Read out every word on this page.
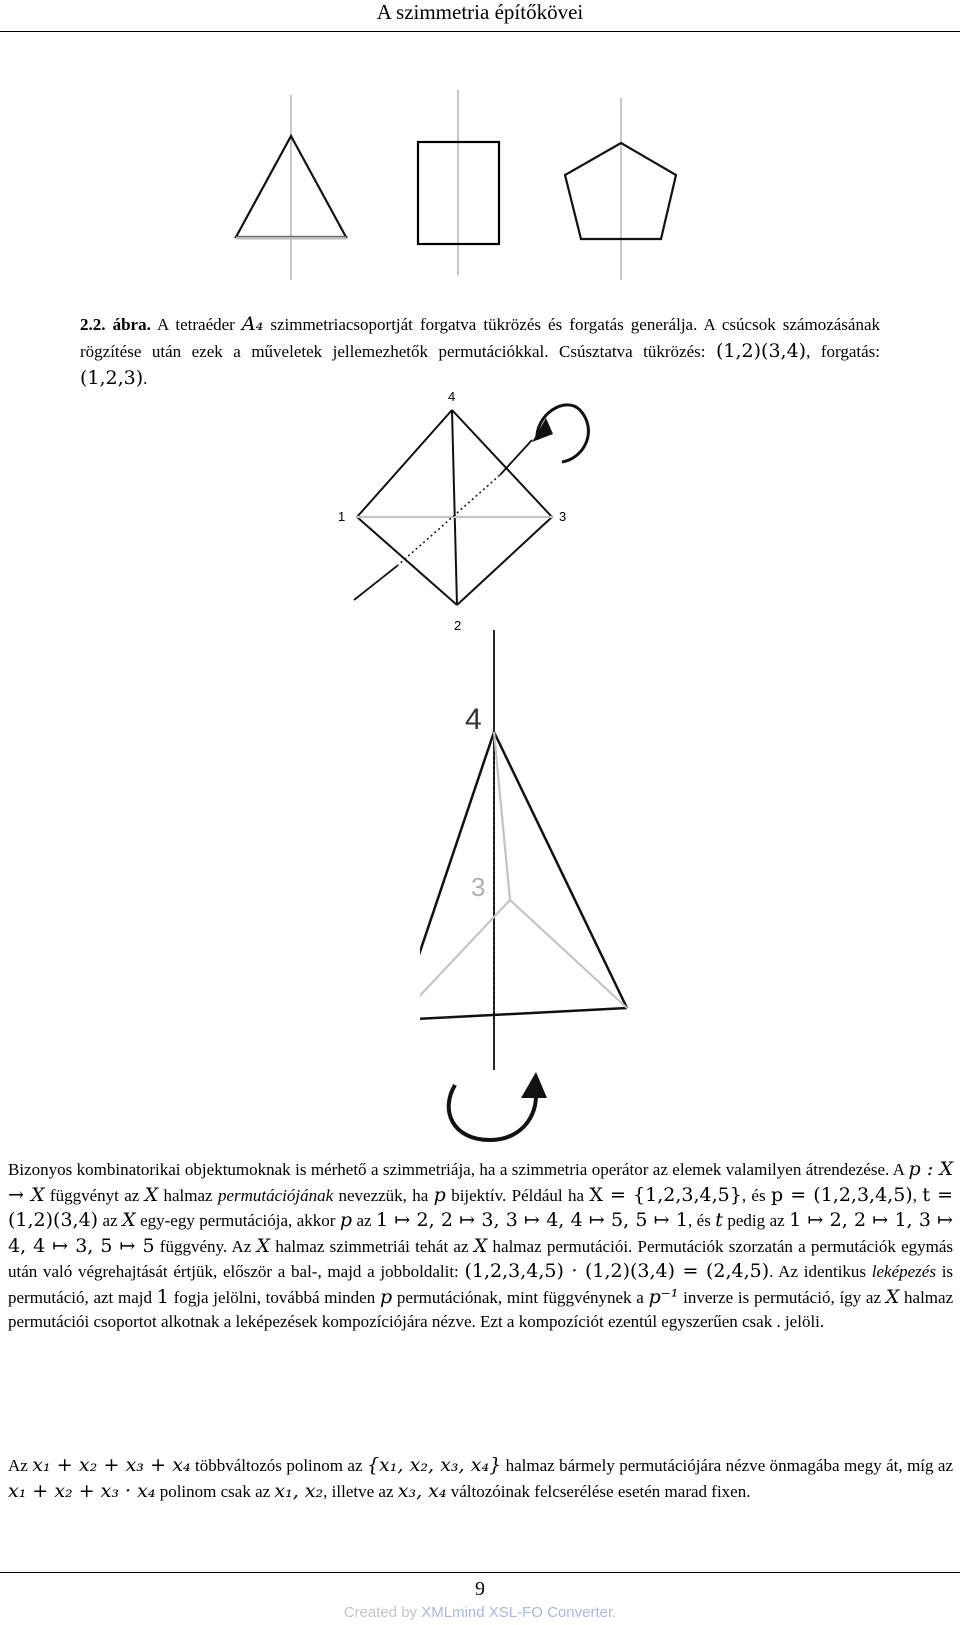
A szimmetria építőkövei
2.2. ábra. A tetraéder A₄ szimmetriacsoportját forgatva tükrözés és forgatás generálja. A csúcsok számozásának rögzítése után ezek a műveletek jellemezhetők permutációkkal. Csúsztatva tükrözés: (1,2)(3,4), forgatás: (1,2,3).
4
1	3
2
4
3
Bizonyos kombinatorikai objektumoknak is mérhető a szimmetriája, ha a szimmetria operátor az elemek valamilyen átrendezése. A p : X → X függvényt az X halmaz permutációjának nevezzük, ha p bijektív. Például ha X = {1,2,3,4,5}, és p = (1,2,3,4,5), t = (1,2)(3,4) az X egy-egy permutációja, akkor p az 1 ↦ 2, 2 ↦ 3, 3 ↦ 4, 4 ↦ 5, 5 ↦ 1, és t pedig az 1 ↦ 2, 2 ↦ 1, 3 ↦ 4, 4 ↦ 3, 5 ↦ 5 függvény. Az X halmaz szimmetriái tehát az X halmaz permutációi. Permutációk szorzatán a permutációk egymás után való végrehajtását értjük, először a bal-, majd a jobboldalit: (1,2,3,4,5) · (1,2)(3,4) = (2,4,5). Az identikus leképezés is permutáció, azt majd 1 fogja jelölni, továbbá minden p permutációnak, mint függvénynek a p⁻¹ inverze is permutáció, így az X halmaz permutációi csoportot alkotnak a leképezések kompozíciójára nézve. Ezt a kompozíciót ezentúl egyszerűen csak . jelöli.
Az x₁ + x₂ + x₃ + x₄ többváltozós polinom az {x₁, x₂, x₃, x₄} halmaz bármely permutációjára nézve önmagába megy át, míg az x₁ + x₂ + x₃ · x₄ polinom csak az x₁, x₂, illetve az x₃, x₄ változóinak felcserélése esetén marad fixen.
9
Created by XMLmind XSL-FO Converter.
